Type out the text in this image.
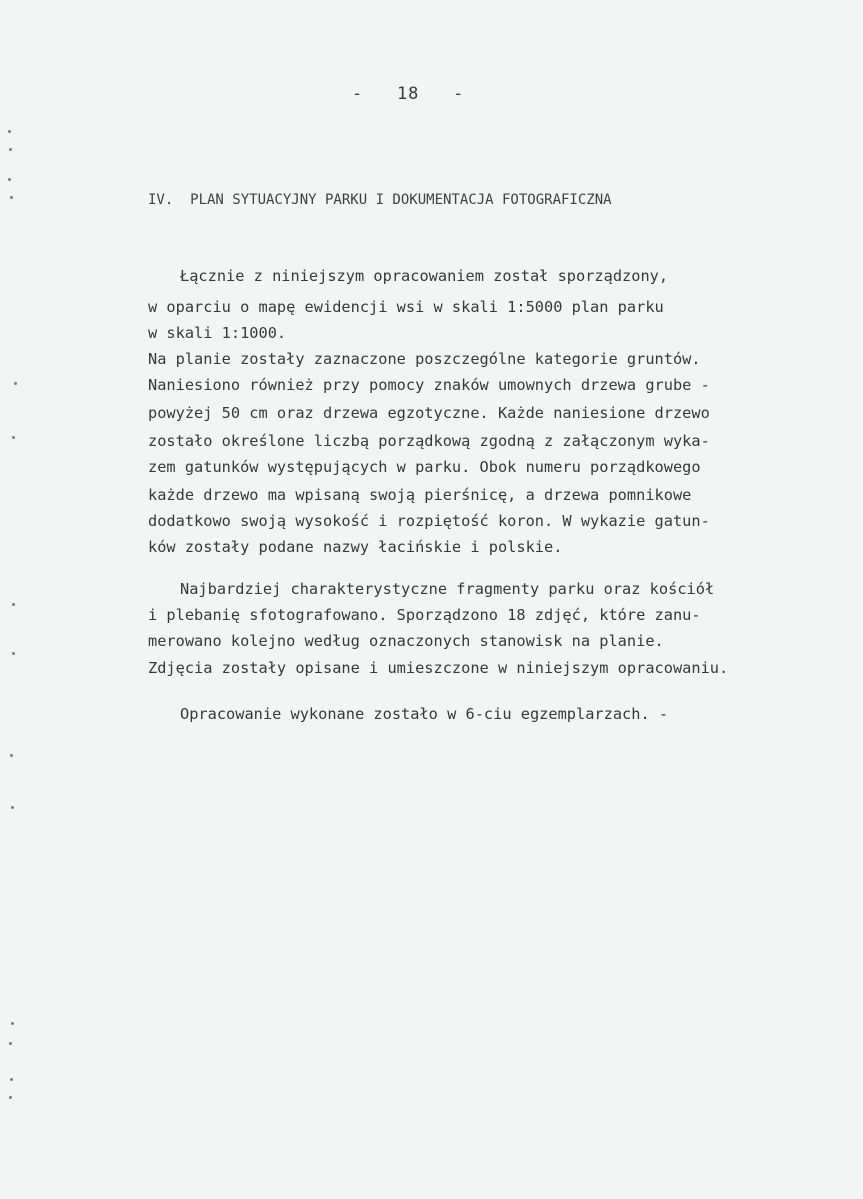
-   18   -
IV.  PLAN SYTUACYJNY PARKU I DOKUMENTACJA FOTOGRAFICZNA
Łącznie z niniejszym opracowaniem został sporządzony,
w oparciu o mapę ewidencji wsi w skali 1:5000 plan parku
w skali 1:1000.
Na planie zostały zaznaczone poszczególne kategorie gruntów.
Naniesiono również przy pomocy znaków umownych drzewa grube -
powyżej 50 cm oraz drzewa egzotyczne. Każde naniesione drzewo
zostało określone liczbą porządkową zgodną z załączonym wyka-
zem gatunków występujących w parku. Obok numeru porządkowego
każde drzewo ma wpisaną swoją pierśnicę, a drzewa pomnikowe
dodatkowo swoją wysokość i rozpiętość koron. W wykazie gatun-
ków zostały podane nazwy łacińskie i polskie.
Najbardziej charakterystyczne fragmenty parku oraz kościół
i plebanię sfotografowano. Sporządzono 18 zdjęć, które zanu-
merowano kolejno według oznaczonych stanowisk na planie.
Zdjęcia zostały opisane i umieszczone w niniejszym opracowaniu.
Opracowanie wykonane zostało w 6-ciu egzemplarzach. -
